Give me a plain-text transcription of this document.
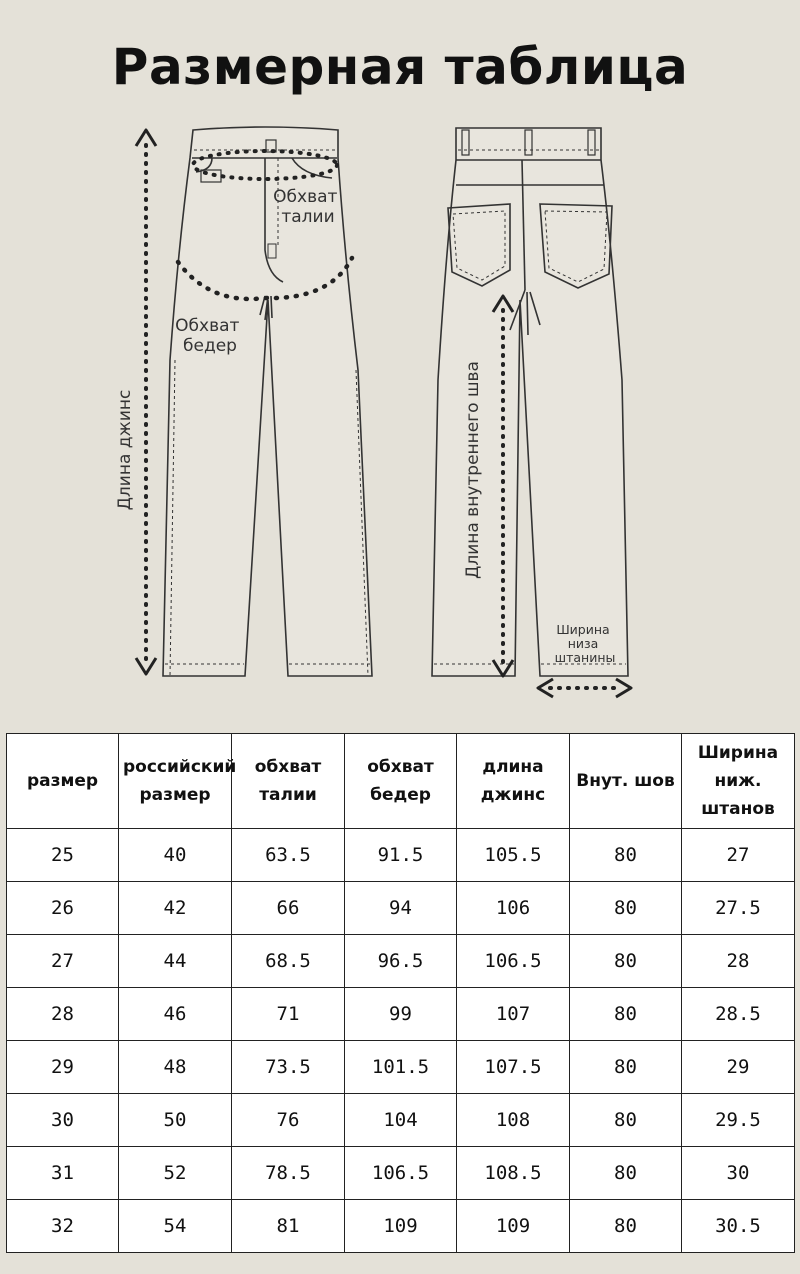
Размерная таблица
Обхват талии
Обхват бедер
Длина джинс	Длина внутреннего шва
Ширина низа штанины
размер	российский размер	обхват талии	обхват бедер	длина джинс	Внут. шов	Ширина ниж. штанов
25	40	63.5	91.5	105.5	80	27
26	42	66	94	106	80	27.5
27	44	68.5	96.5	106.5	80	28
28	46	71	99	107	80	28.5
29	48	73.5	101.5	107.5	80	29
30	50	76	104	108	80	29.5
31	52	78.5	106.5	108.5	80	30
32	54	81	109	109	80	30.5
